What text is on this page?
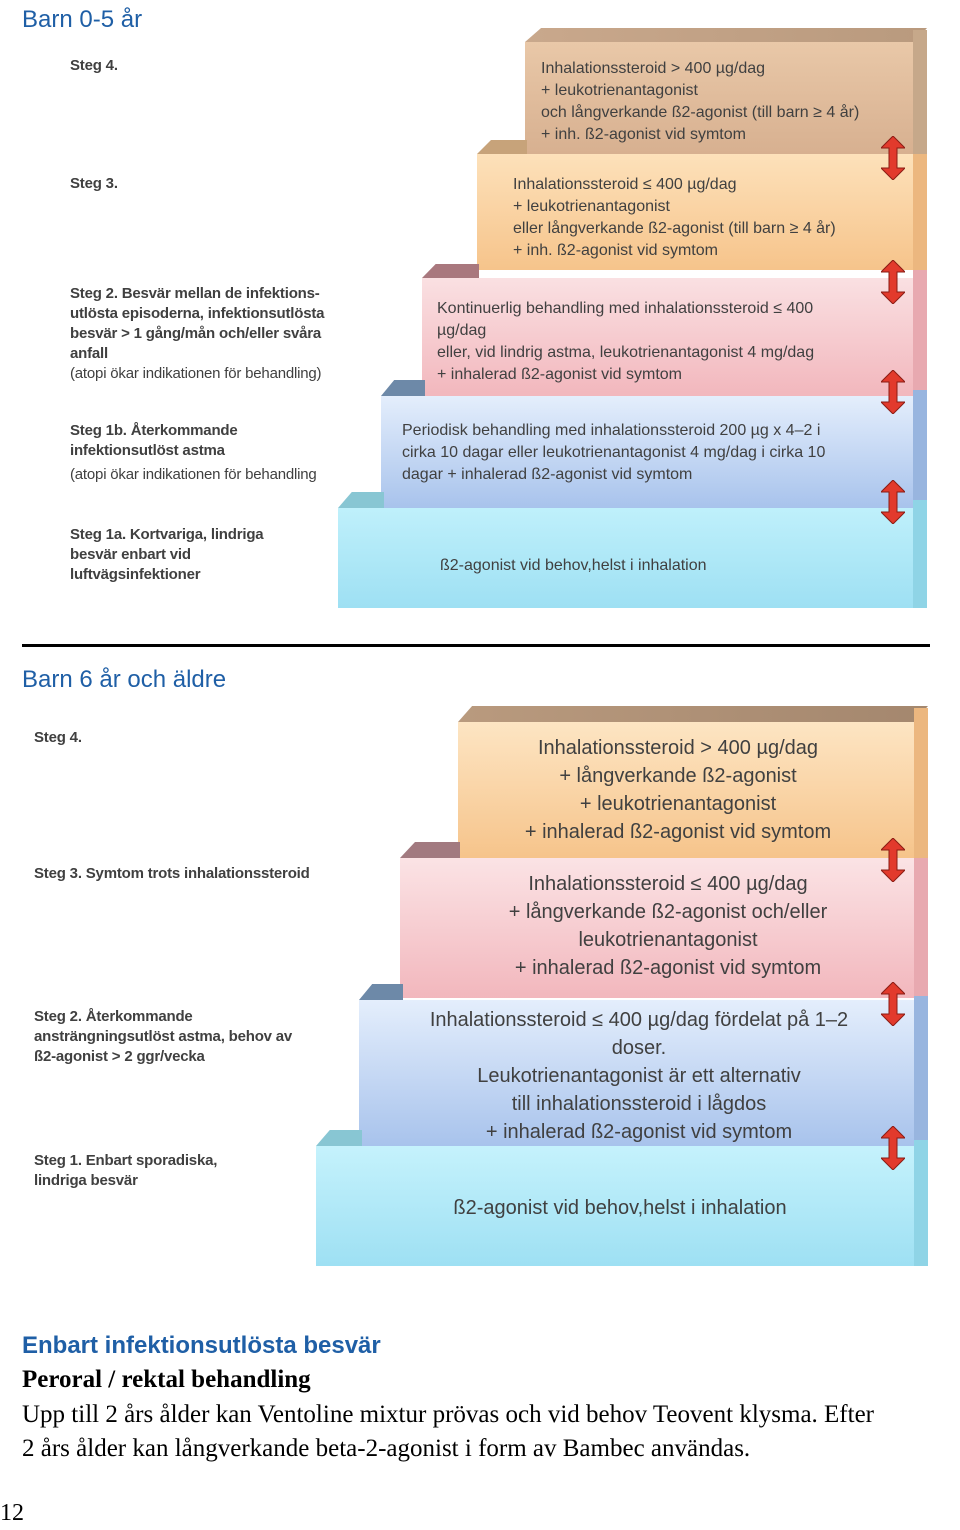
Barn 0-5 år
Inhalationssteroid > 400 µg/dag
+ leukotrienantagonist
och långverkande ß2-agonist (till barn ≥ 4 år)
+ inh. ß2-agonist vid symtom
Inhalationssteroid ≤ 400 µg/dag
+ leukotrienantagonist
eller långverkande ß2-agonist (till barn ≥ 4 år)
+ inh. ß2-agonist vid symtom
Kontinuerlig behandling med inhalationssteroid ≤ 400
µg/dag
eller, vid lindrig astma, leukotrienantagonist 4 mg/dag
+ inhalerad ß2-agonist vid symtom
Periodisk behandling med inhalationssteroid 200 µg x 4–2 i
cirka 10 dagar eller leukotrienantagonist 4 mg/dag i cirka 10
dagar + inhalerad ß2-agonist vid symtom
ß2-agonist vid behov,helst i inhalation
Steg 4.
Steg 3.
Steg 2. Besvär mellan de infektions-
utlösta episoderna, infektionsutlösta
besvär > 1 gång/mån och/eller svåra
anfall
(atopi ökar indikationen för behandling)
Steg 1b. Återkommande
infektionsutlöst astma
(atopi ökar indikationen för behandling
Steg 1a. Kortvariga, lindriga
besvär enbart vid
luftvägsinfektioner
Barn 6 år och äldre
Inhalationssteroid > 400 µg/dag
+ långverkande ß2-agonist
+ leukotrienantagonist
+ inhalerad ß2-agonist vid symtom
Inhalationssteroid ≤ 400 µg/dag
+ långverkande ß2-agonist och/eller
leukotrienantagonist
+ inhalerad ß2-agonist vid symtom
Inhalationssteroid ≤ 400 µg/dag fördelat på 1–2
doser.
Leukotrienantagonist är ett alternativ
till inhalationssteroid i lågdos
+ inhalerad ß2-agonist vid symtom
ß2-agonist vid behov,helst i inhalation
Steg 4.
Steg 3. Symtom trots inhalationssteroid
Steg 2. Återkommande
ansträngningsutlöst astma, behov av
ß2-agonist > 2 ggr/vecka
Steg 1. Enbart sporadiska,
lindriga besvär
Enbart infektionsutlösta besvär
Peroral / rektal behandling
Upp till 2 års ålder kan Ventoline mixtur prövas och vid behov Teovent klysma. Efter
2 års ålder kan långverkande beta-2-agonist i form av Bambec användas.
12
